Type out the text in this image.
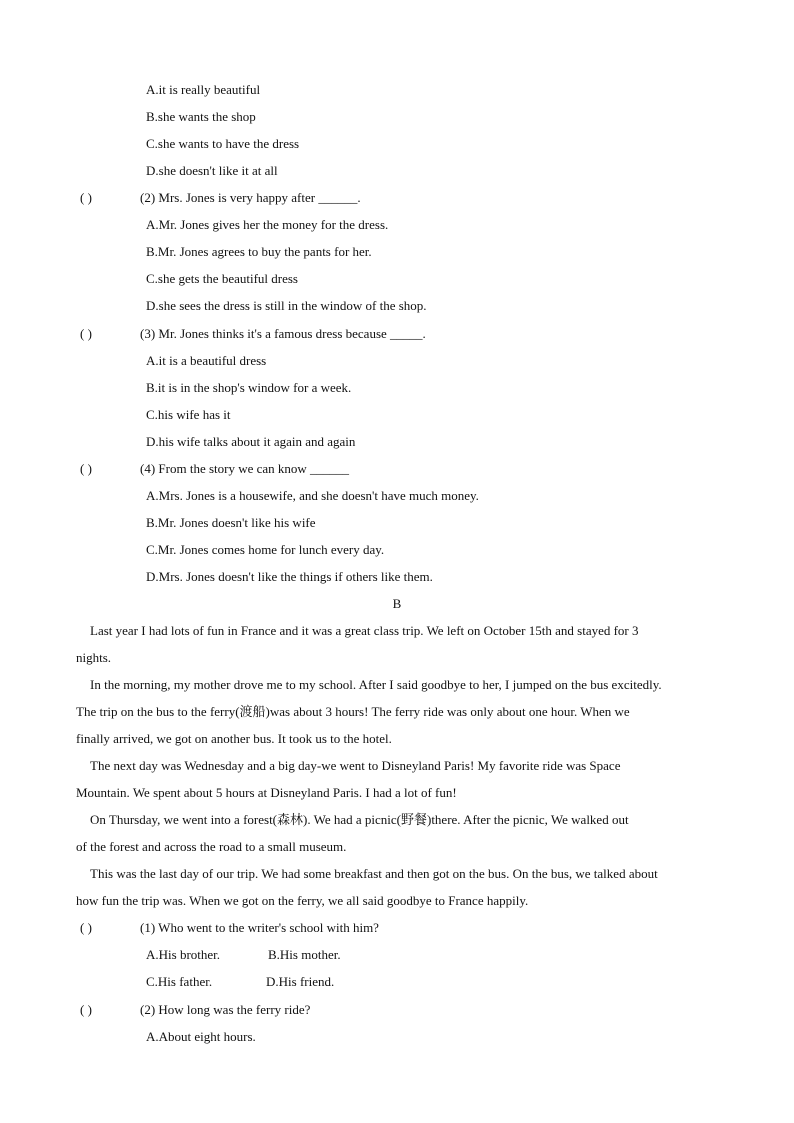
A.it is really beautiful
B.she wants the shop
C.she wants to have the dress
D.she doesn't like it at all
( )	(2) Mrs. Jones is very happy after ______.
A.Mr. Jones gives her the money for the dress.
B.Mr. Jones agrees to buy the pants for her.
C.she gets the beautiful dress
D.she sees the dress is still in the window of the shop.
( )	(3) Mr. Jones thinks it's a famous dress because _____.
A.it is a beautiful dress
B.it is in the shop's window for a week.
C.his wife has it
D.his wife talks about it again and again
( )	(4) From the story we can know ______
A.Mrs. Jones is a housewife, and she doesn't have much money.
B.Mr. Jones doesn't like his wife
C.Mr. Jones comes home for lunch every day.
D.Mrs. Jones doesn't like the things if others like them.
B
Last year I had lots of fun in France and it was a great class trip. We left on October 15th and stayed for 3
nights.
In the morning, my mother drove me to my school. After I said goodbye to her, I jumped on the bus excitedly.
The trip on the bus to the ferry(渡船)was about 3 hours! The ferry ride was only about one hour. When we
finally arrived, we got on another bus. It took us to the hotel.
The next day was Wednesday and a big day-we went to Disneyland Paris! My favorite ride was Space
Mountain. We spent about 5 hours at Disneyland Paris. I had a lot of fun!
On Thursday, we went into a forest(森林). We had a picnic(野餐)there. After the picnic, We walked out
of the forest and across the road to a small museum.
This was the last day of our trip. We had some breakfast and then got on the bus. On the bus, we talked about
how fun the trip was. When we got on the ferry, we all said goodbye to France happily.
( )	(1) Who went to the writer's school with him?
A.His brother.	B.His mother.
C.His father.	D.His friend.
( )	(2) How long was the ferry ride?
A.About eight hours.
